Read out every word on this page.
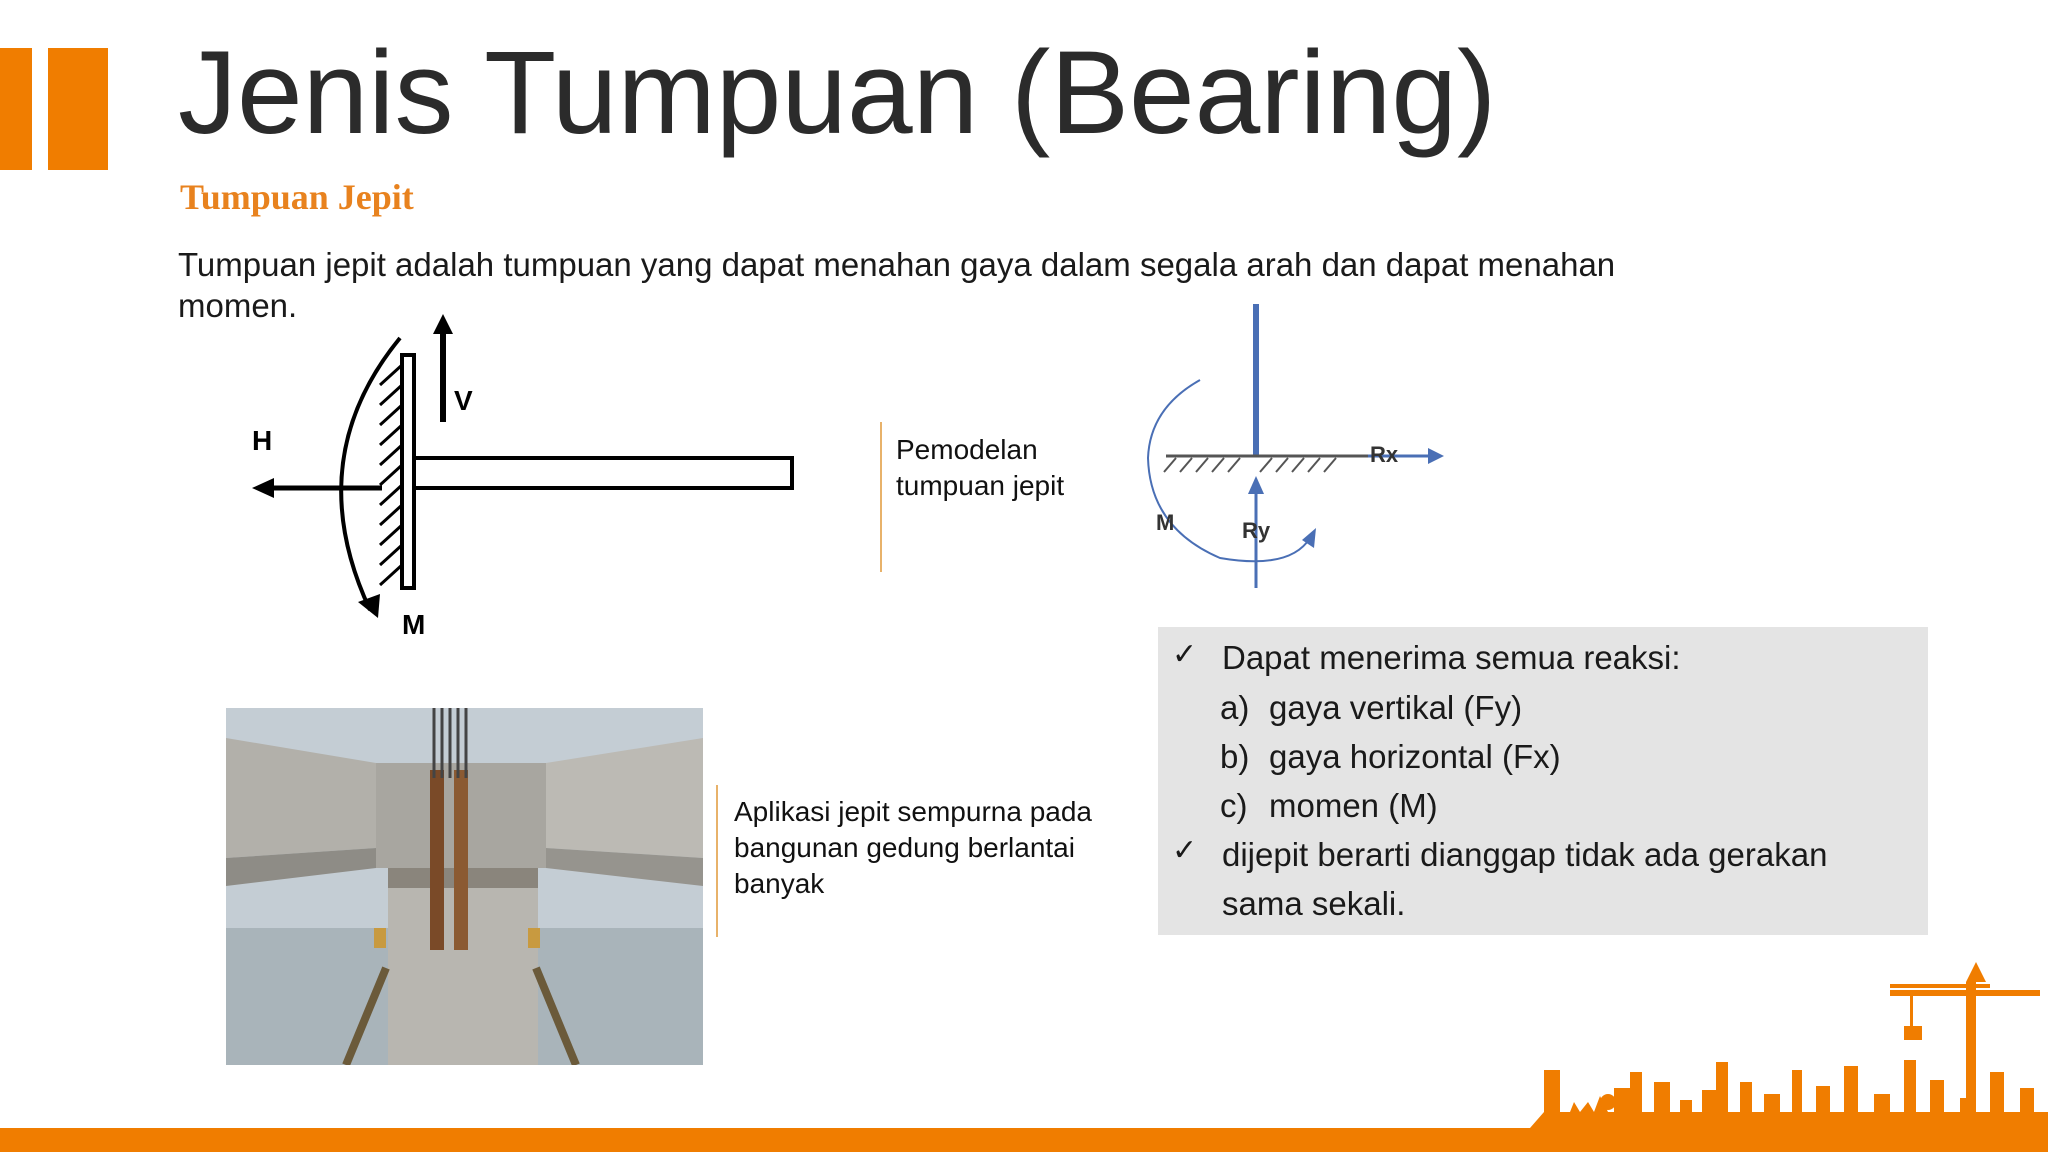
Jenis Tumpuan (Bearing)
Tumpuan Jepit
Tumpuan jepit adalah tumpuan yang dapat menahan gaya dalam segala arah dan dapat menahan momen.
V
H
M
Pemodelan
tumpuan jepit
Rx
Ry
M
Aplikasi jepit sempurna pada
bangunan gedung berlantai
banyak
✓ Dapat menerima semua reaksi:
a) gaya vertikal (Fy)
b) gaya horizontal (Fx)
c) momen (M)
✓ dijepit berarti dianggap tidak ada gerakan
sama sekali.
